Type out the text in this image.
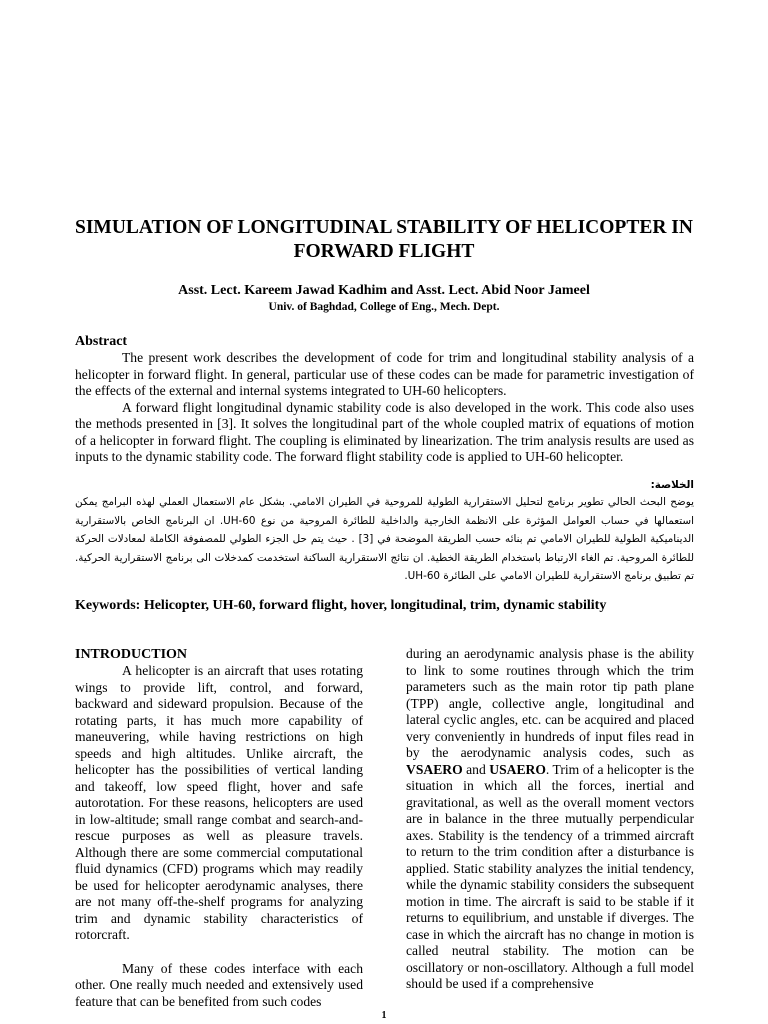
SIMULATION OF LONGITUDINAL STABILITY OF HELICOPTER IN FORWARD FLIGHT

Asst. Lect. Kareem Jawad Kadhim and Asst. Lect. Abid Noor Jameel

Univ. of Baghdad, College of Eng., Mech. Dept.

Abstract

The present work describes the development of code for trim and longitudinal stability analysis of a helicopter in forward flight. In general, particular use of these codes can be made for parametric investigation of the effects of the external and internal systems integrated to UH-60 helicopters.

A forward flight longitudinal dynamic stability code is also developed in the work. This code also uses the methods presented in [3]. It solves the longitudinal part of the whole coupled matrix of equations of motion of a helicopter in forward flight. The coupling is eliminated by linearization. The trim analysis results are used as inputs to the dynamic stability code. The forward flight stability code is applied to UH-60 helicopter.

الخلاصة:

يوضح البحث الحالي تطوير برنامج لتحليل الاستقرارية الطولية للمروحية في الطيران الامامي. بشكل عام الاستعمال العملي لهذه البرامج يمكن استعمالها في حساب العوامل المؤثرة على الانظمة الخارجية والداخلية للطائرة المروحية من نوع UH-60. ان البرنامج الخاص بالاستقرارية الديناميكية الطولية للطيران الامامي تم بنائه حسب الطريقة الموضحة في [3] . حيث يتم حل الجزء الطولي للمصفوفة الكاملة لمعادلات الحركة للطائرة المروحية. تم الغاء الارتباط باستخدام الطريقة الخطية. ان نتائج الاستقرارية الساكنة استخدمت كمدخلات الى برنامج الاستقرارية الحركية. تم تطبيق برنامج الاستقرارية للطيران الامامي على الطائرة UH-60.

Keywords: Helicopter, UH-60, forward flight, hover, longitudinal, trim, dynamic stability

INTRODUCTION

A helicopter is an aircraft that uses rotating wings to provide lift, control, and forward, backward and sideward propulsion. Because of the rotating parts, it has much more capability of maneuvering, while having restrictions on high speeds and high altitudes. Unlike aircraft, the helicopter has the possibilities of vertical landing and takeoff, low speed flight, hover and safe autorotation. For these reasons, helicopters are used in low-altitude; small range combat and search-and-rescue purposes as well as pleasure travels. Although there are some commercial computational fluid dynamics (CFD) programs which may readily be used for helicopter aerodynamic analyses, there are not many off-the-shelf programs for analyzing trim and dynamic stability characteristics of rotorcraft.

Many of these codes interface with each other. One really much needed and extensively used feature that can be benefited from such codes

during an aerodynamic analysis phase is the ability to link to some routines through which the trim parameters such as the main rotor tip path plane (TPP) angle, collective angle, longitudinal and lateral cyclic angles, etc. can be acquired and placed very conveniently in hundreds of input files read in by the aerodynamic analysis codes, such as VSAERO and USAERO. Trim of a helicopter is the situation in which all the forces, inertial and gravitational, as well as the overall moment vectors are in balance in the three mutually perpendicular axes. Stability is the tendency of a trimmed aircraft to return to the trim condition after a disturbance is applied. Static stability analyzes the initial tendency, while the dynamic stability considers the subsequent motion in time. The aircraft is said to be stable if it returns to equilibrium, and unstable if diverges. The case in which the aircraft has no change in motion is called neutral stability. The motion can be oscillatory or non-oscillatory. Although a full model should be used if a comprehensive

1
